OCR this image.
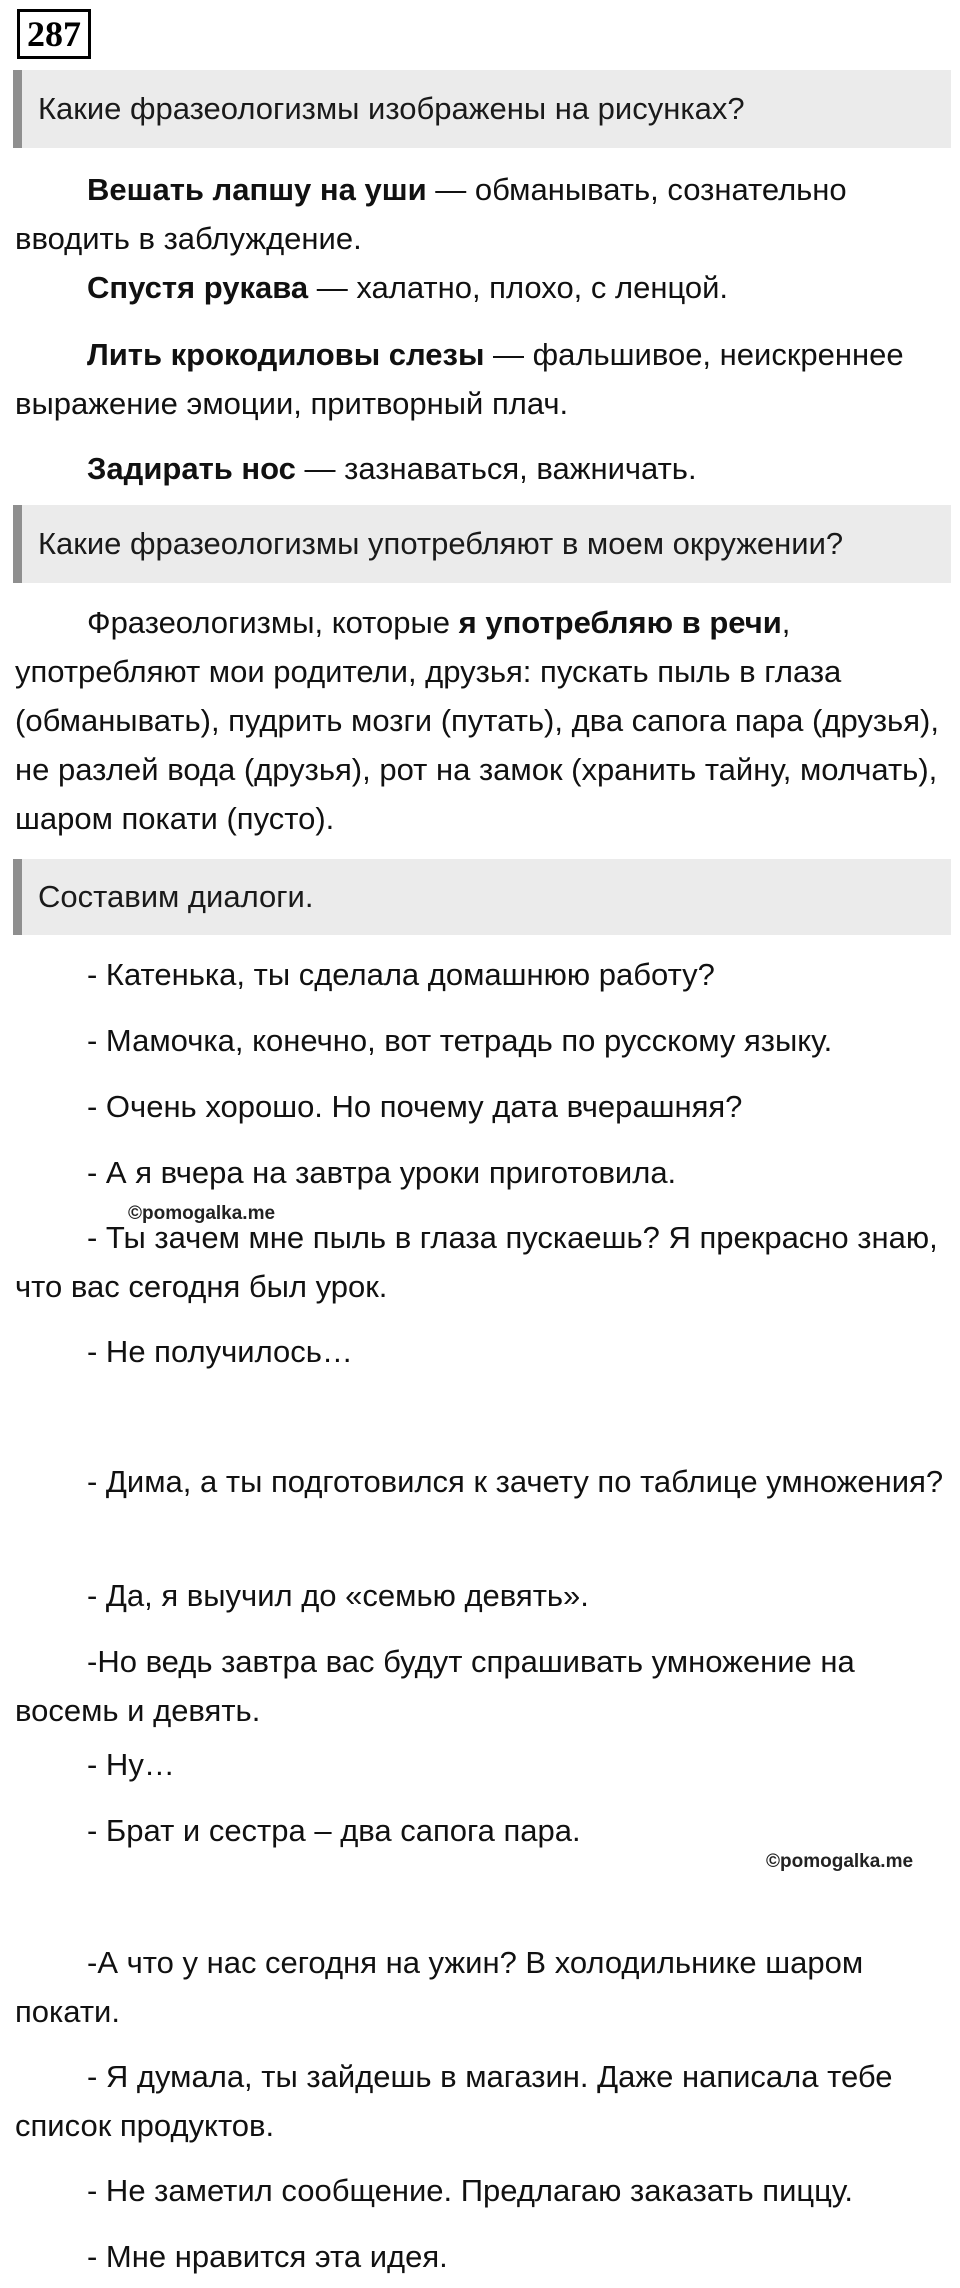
287
Какие фразеологизмы изображены на рисунках?

Вешать лапшу на уши — обманывать, сознательно вводить в заблуждение.

Спустя рукава — халатно, плохо, с ленцой.

Лить крокодиловы слезы — фальшивое, неискреннее выражение эмоции, притворный плач.

Задирать нос — зазнаваться, важничать.

Какие фразеологизмы употребляют в моем окружении?

Фразеологизмы, которые я употребляю в речи, употребляют мои родители, друзья: пускать пыль в глаза (обманывать), пудрить мозги (путать), два сапога пара (друзья), не разлей вода (друзья), рот на замок (хранить тайну, молчать), шаром покати (пусто).

Составим диалоги.

- Катенька, ты сделала домашнюю работу?

- Мамочка, конечно, вот тетрадь по русскому языку.

- Очень хорошо. Но почему дата вчерашняя?

- А я вчера на завтра уроки приготовила.

©pomogalka.me

- Ты зачем мне пыль в глаза пускаешь? Я прекрасно знаю, что вас сегодня был урок.

- Не получилось…

- Дима, а ты подготовился к зачету по таблице умножения?

- Да, я выучил до «семью девять».

-Но ведь завтра вас будут спрашивать умножение на восемь и девять.

- Ну…

- Брат и сестра – два сапога пара.

©pomogalka.me

-А что у нас сегодня на ужин? В холодильнике шаром покати.

- Я думала, ты зайдешь в магазин. Даже написала тебе список продуктов.

- Не заметил сообщение. Предлагаю заказать пиццу.

- Мне нравится эта идея.
